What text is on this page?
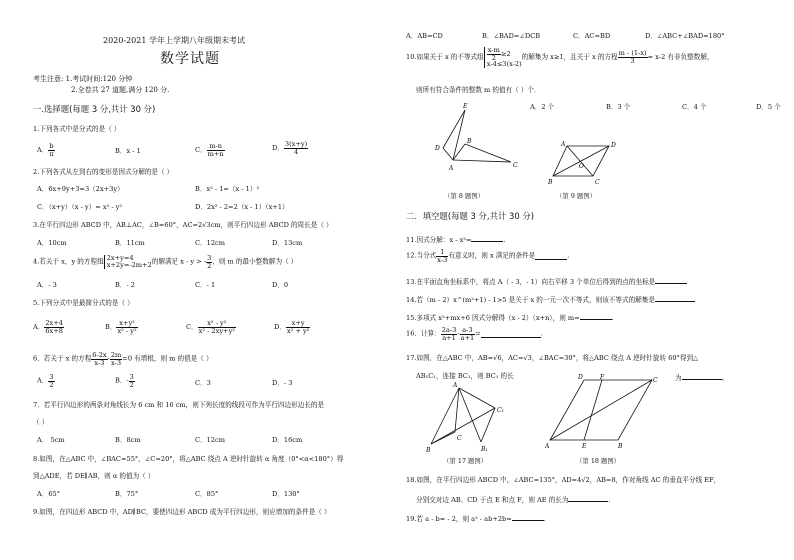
2020-2021 学年上学期八年级期末考试
数学试题
考生注意: 1.考试时间:120 分钟
2.全卷共 27 道题,满分 120 分.
一.选择题(每题 3 分,共计 30 分)
1.下列各式中是分式的是（ ）
A． $\frac{b}{\pi}$	B．x - 1	C． $\frac{m-n}{m+n}$	D． $\frac{3(x+y)}{4}$
2.下列各式从左到右的变形是因式分解的是（ ）
A．6x+9y+3=3（2x+3y）	B．x² - 1=（x - 1）²
C．（x+y）（x - y）= x² - y²	D．2x² - 2=2（x - 1）（x+1）
3.在平行四边形 ABCD 中，AB⊥AC，∠B=60°，AC=2√3cm，则平行四边形 ABCD 的周长是（ ）
A．10cm	B．11cm	C．12cm	D．13cm
4.若关于 x，y 的方程组 2x+y=4
x+2y=-2m+2 的解满足 x - y > - $\frac{3}{2}$ ，则 m 的最小整数解为（ ）
A．- 3	B．- 2	C．- 1	D．0
5.下列分式中是最简分式的是（ ）
A． $\frac{2x+4}{6x+8}$	B． $\frac{\text{x+y²}}{\text{x² - y²}}$	C． $\frac{\text{x² - y²}}{\text{x² - 2xy+y²}}$	D． $\frac{x+y}{\text{x² + y²}}$
6．若关于 x 的方程 $\frac{6-2x}{x-3} - \frac{2m}{x-3} =0$ 有增根，则 m 的值是（ ）
A． $\frac{3}{2}$	B．- $\frac{3}{2}$	C．3	D．- 3
7．若平行四边形的两条对角线长为 6 cm 和 16 cm，则下列长度的线段可作为平行四边形边长的是
（ ）
A． 5cm	B．8cm	C．12cm	D．16cm
8.如图，在△ABC 中，∠BAC=55°，∠C=20°，将△ABC 绕点 A 逆时针旋转 α 角度（0°<α<180°）得
到△ADE，若 DE∥AB，则 α 的值为（ ）
A．65°	B．75°	C．85°	D．130°
9.如图，在四边形 ABCD 中，AD∥BC，要使四边形 ABCD 成为平行四边形，则应增加的条件是（ ）
A．AB=CD	B．∠BAD=∠DCB	C．AC=BD	D．∠ABC+∠BAD=180°
10.如果关于 x 的不等式组 $\frac{x-m}{2} \ge 2$
x-4≤3(x-2)
的解集为 x≥1，且关于 x 的方程 $\frac{m - (1-x)}{3} = x-2$ 有非负整数解，
则所有符合条件的整数 m 的值有（ ）个．
A．2 个	B．3 个	C．4 个	D．5 个
E
D
B
A	C
A	D
O
B	C
（第 8 题图）	（第 9 题图）
二．填空题(每题 3 分,共计 30 分)
11.因式分解：x - x³=	.
12.当分式 $\frac{1}{x-3}$ 有意义时，则 x 满足的条件是	.
13.在平面直角坐标系中，将点 A（ - 3，- 1）向右平移 3 个单位后得到的点的坐标是
14.若（m - 2）x^(m²+1) - 1>5 是关于 x 的一元一次不等式，则该不等式的解集是
15.多项式 x²+mx+6 因式分解得（x - 2）（x+n），则 m=	.
16．计算： $\frac{2a-3}{a+1} - \frac{a-3}{a+1}$ =	.
17.如图，在△ABC 中，AB=√6，AC=√3，∠BAC=30°，将△ABC 绕点 A 逆时针旋转 60°得到△
AB₁C₁，连接 BC₁，则 BC₁ 的长	为	。
A
C₁
C
B	B₁
D	F	C
A	E	B
（第 17 题图）	（第 18 题图）
18.如图，在平行四边形 ABCD 中，∠ABC=135°，AD=4√2，AB=8，作对角线 AC 的垂直平分线 EF，
分别交对边 AB、CD 于点 E 和点 F，则 AE 的长为	.
19.若 a - b= - 2，则 a² - ab+2b=	.
